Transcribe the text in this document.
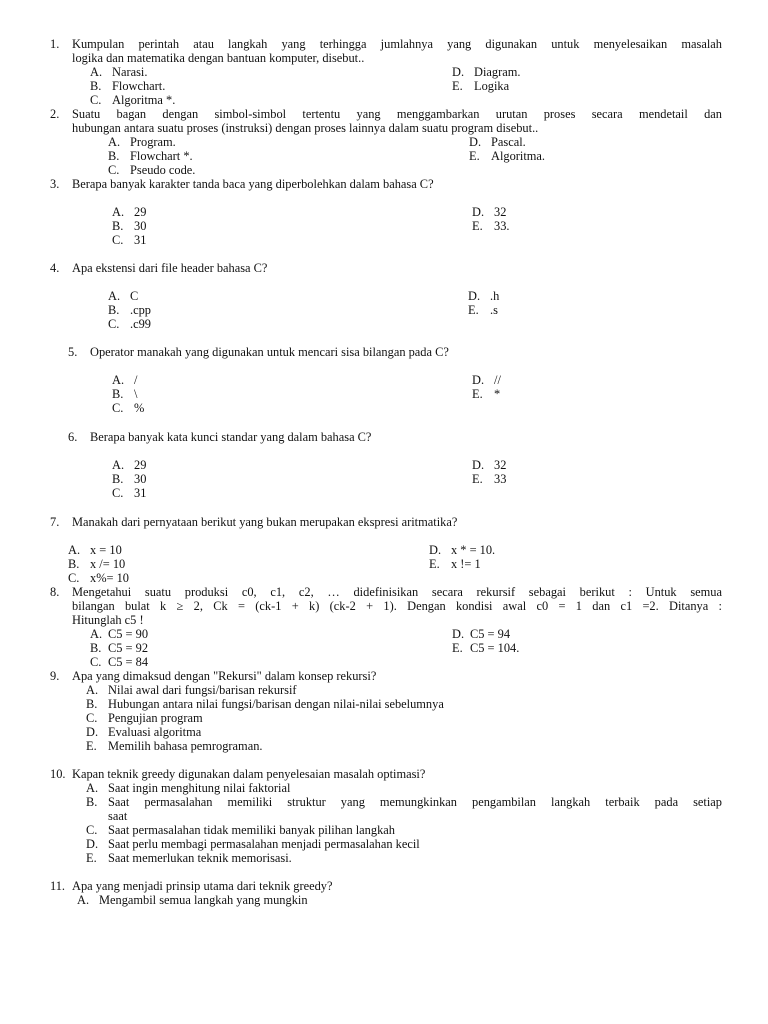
1. Kumpulan perintah atau langkah yang terhingga jumlahnya yang digunakan untuk menyelesaikan masalah
logika dan matematika dengan bantuan komputer, disebut..
A. Narasi.
B. Flowchart.
C. Algoritma *.
D. Diagram.
E. Logika
2. Suatu bagan dengan simbol-simbol tertentu yang menggambarkan urutan proses secara mendetail dan
hubungan antara suatu proses (instruksi) dengan proses lainnya dalam suatu program disebut..
A. Program.
B. Flowchart *.
C. Pseudo code.
D. Pascal.
E. Algoritma.
3. Berapa banyak karakter tanda baca yang diperbolehkan dalam bahasa C?
A. 29
B. 30
C. 31
D. 32
E. 33.
4. Apa ekstensi dari file header bahasa C?
A. C
B. .cpp
C. .c99
D. .h
E. .s
5. Operator manakah yang digunakan untuk mencari sisa bilangan pada C?
A. /
B. \
C. %
D. //
E. *
6. Berapa banyak kata kunci standar yang dalam bahasa C?
A. 29
B. 30
C. 31
D. 32
E. 33
7. Manakah dari pernyataan berikut yang bukan merupakan ekspresi aritmatika?
A. x = 10
B. x /= 10
C. x%= 10
D. x * = 10.
E. x != 1
8. Mengetahui suatu produksi c0, c1, c2, … didefinisikan secara rekursif sebagai berikut : Untuk semua
bilangan bulat k ≥ 2, Ck = (ck-1 + k) (ck-2 + 1). Dengan kondisi awal c0 = 1 dan c1 =2. Ditanya :
Hitunglah c5 !
A. C5 = 90
B. C5 = 92
C. C5 = 84
D. C5 = 94
E. C5 = 104.
9. Apa yang dimaksud dengan "Rekursi" dalam konsep rekursi?
A. Nilai awal dari fungsi/barisan rekursif
B. Hubungan antara nilai fungsi/barisan dengan nilai-nilai sebelumnya
C. Pengujian program
D. Evaluasi algoritma
E. Memilih bahasa pemrograman.
10. Kapan teknik greedy digunakan dalam penyelesaian masalah optimasi?
A. Saat ingin menghitung nilai faktorial
B. Saat permasalahan memiliki struktur yang memungkinkan pengambilan langkah terbaik pada setiap
saat
C. Saat permasalahan tidak memiliki banyak pilihan langkah
D. Saat perlu membagi permasalahan menjadi permasalahan kecil
E. Saat memerlukan teknik memorisasi.
11. Apa yang menjadi prinsip utama dari teknik greedy?
A. Mengambil semua langkah yang mungkin
